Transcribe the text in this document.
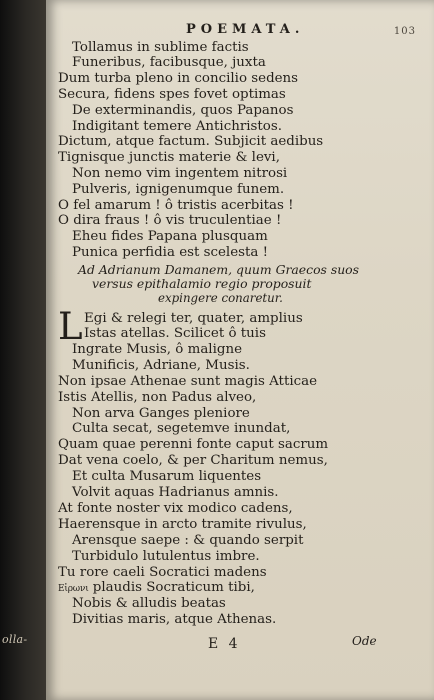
olla-
POEMATA.	103
Tollamus in sublime factis
Funeribus, facibusque, juxta
Dum turba pleno in concilio sedens
Secura, fidens spes fovet optimas
De exterminandis, quos Papanos
Indigitant temere Antichristos.
Dictum, atque factum. Subjicit aedibus
Tignisque junctis materie & levi,
Non nemo vim ingentem nitrosi
Pulveris, ignigenumque funem.
O fel amarum ! ô tristis acerbitas !
O dira fraus ! ô vis truculentiae !
Eheu fides Papana plusquam
Punica perfidia est scelesta !
Ad Adrianum Damanem, quum Graecos suos
versus epithalamio regio proposuit
expingere conaretur.
L Egi & relegi ter, quater, amplius
Istas atellas. Scilicet ô tuis
Ingrate Musis, ô maligne
Munificis, Adriane, Musis.
Non ipsae Athenae sunt magis Atticae
Istis Atellis, non Padus alveo,
Non arva Ganges pleniore
Culta secat, segetemve inundat,
Quam quae perenni fonte caput sacrum
Dat vena coelo, & per Charitum nemus,
Et culta Musarum liquentes
Volvit aquas Hadrianus amnis.
At fonte noster vix modico cadens,
Haerensque in arcto tramite rivulus,
Arensque saepe : & quando serpit
Turbidulo lutulentus imbre.
Tu rore caeli Socratici madens
Εἰρωνι plaudis Socraticum tibi,
Nobis & alludis beatas
Divitias maris, atque Athenas.
E 4	Ode
